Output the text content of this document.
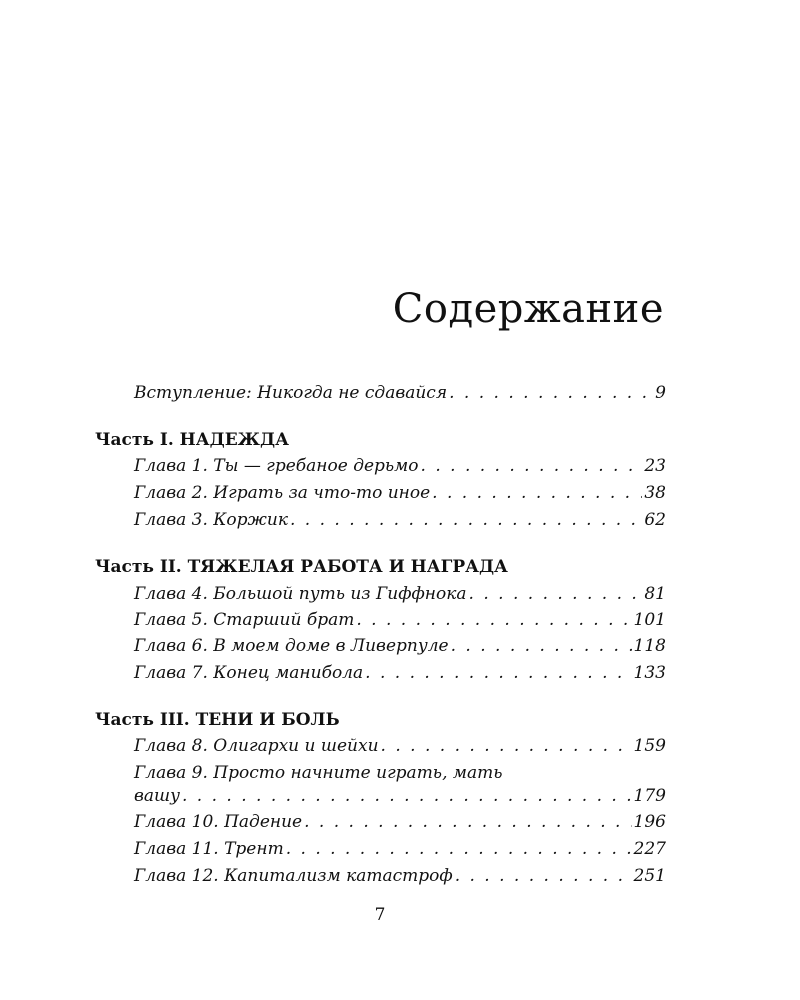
Содержание
Вступление: Никогда не сдавайся . . .	9
Часть I. НАДЕЖДА
Глава 1. Ты — гребаное дерьмо . . .	23
Глава 2. Играть за что-то иное . . .	38
Глава 3. Коржик . . .	62
Часть II. ТЯЖЕЛАЯ РАБОТА И НАГРАДА
Глава 4. Большой путь из Гиффнока . . .	81
Глава 5. Старший брат . . .	101
Глава 6. В моем доме в Ливерпуле . . .	118
Глава 7. Конец манибола . . .	133
Часть III. ТЕНИ И БОЛЬ
Глава 8. Олигархи и шейхи . . .	159
Глава 9. Просто начните играть, мать
вашу . . .	179
Глава 10. Падение . . .	196
Глава 11. Трент . . .	227
Глава 12. Капитализм катастроф . . .	251
7
